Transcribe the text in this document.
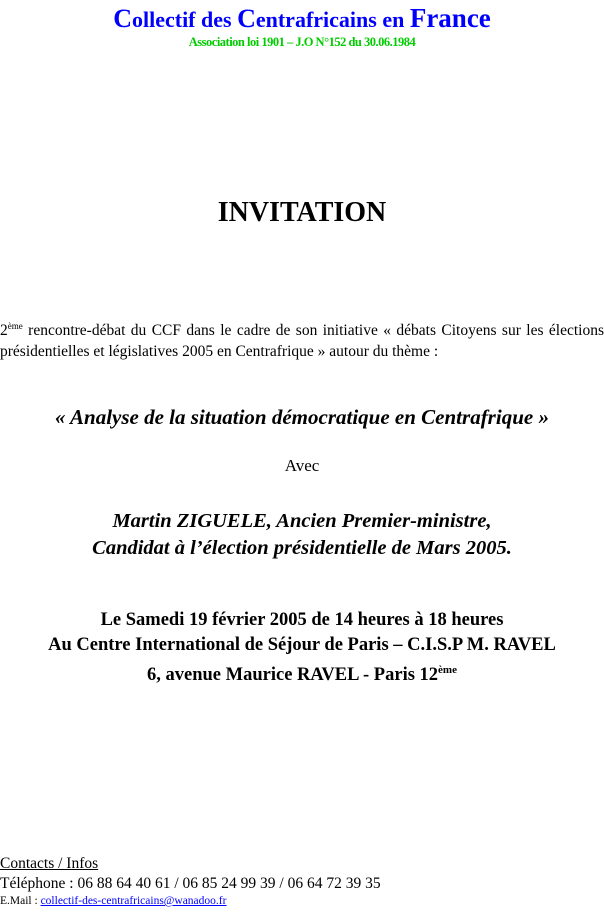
Collectif des Centrafricains en France
Association loi 1901 – J.O N°152 du 30.06.1984
INVITATION
2ème rencontre-débat du CCF dans le cadre de son initiative « débats Citoyens sur les élections présidentielles et législatives 2005 en Centrafrique » autour du thème :
« Analyse de la situation démocratique en Centrafrique »
Avec
Martin ZIGUELE, Ancien Premier-ministre,
Candidat à l’élection présidentielle de Mars 2005.
Le Samedi 19 février 2005 de 14 heures à 18 heures
Au Centre International de Séjour de Paris – C.I.S.P M. RAVEL
6, avenue Maurice RAVEL - Paris 12ème
Contacts / Infos
Téléphone : 06 88 64 40 61 / 06 85 24 99 39 / 06 64 72 39 35
E.Mail : collectif-des-centrafricains@wanadoo.fr
